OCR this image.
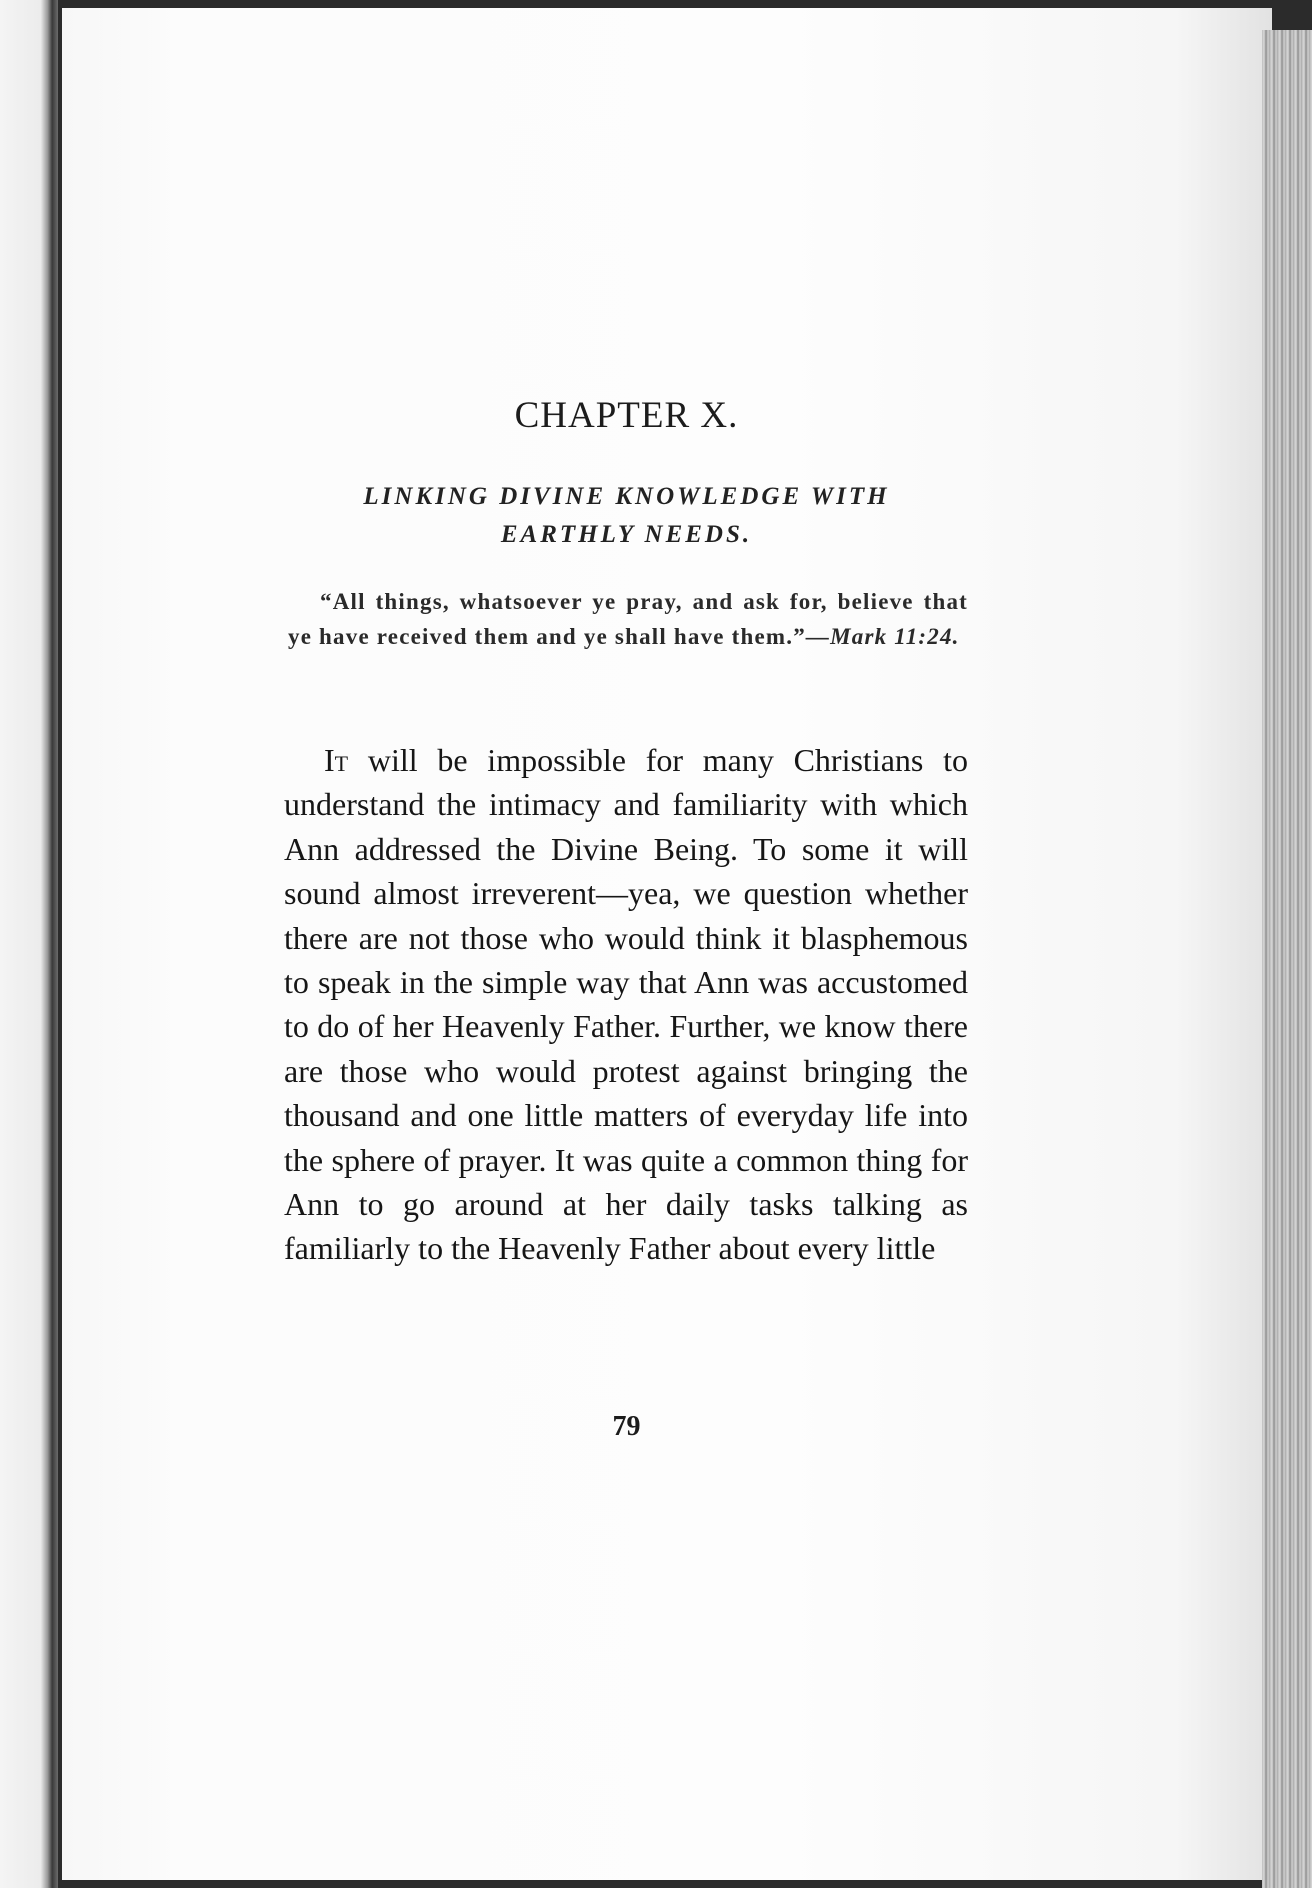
CHAPTER X.
LINKING DIVINE KNOWLEDGE WITH
EARTHLY NEEDS.
“All things, whatsoever ye pray, and ask for, believe that ye have received them and ye shall have them.”—Mark 11:24.

It will be impossible for many Christians to understand the intimacy and familiarity with which Ann addressed the Divine Being. To some it will sound almost irreverent—yea, we question whether there are not those who would think it blasphemous to speak in the simple way that Ann was accustomed to do of her Heavenly Father. Further, we know there are those who would protest against bringing the thousand and one little matters of everyday life into the sphere of prayer. It was quite a common thing for Ann to go around at her daily tasks talking as familiarly to the Heavenly Father about every little

79
